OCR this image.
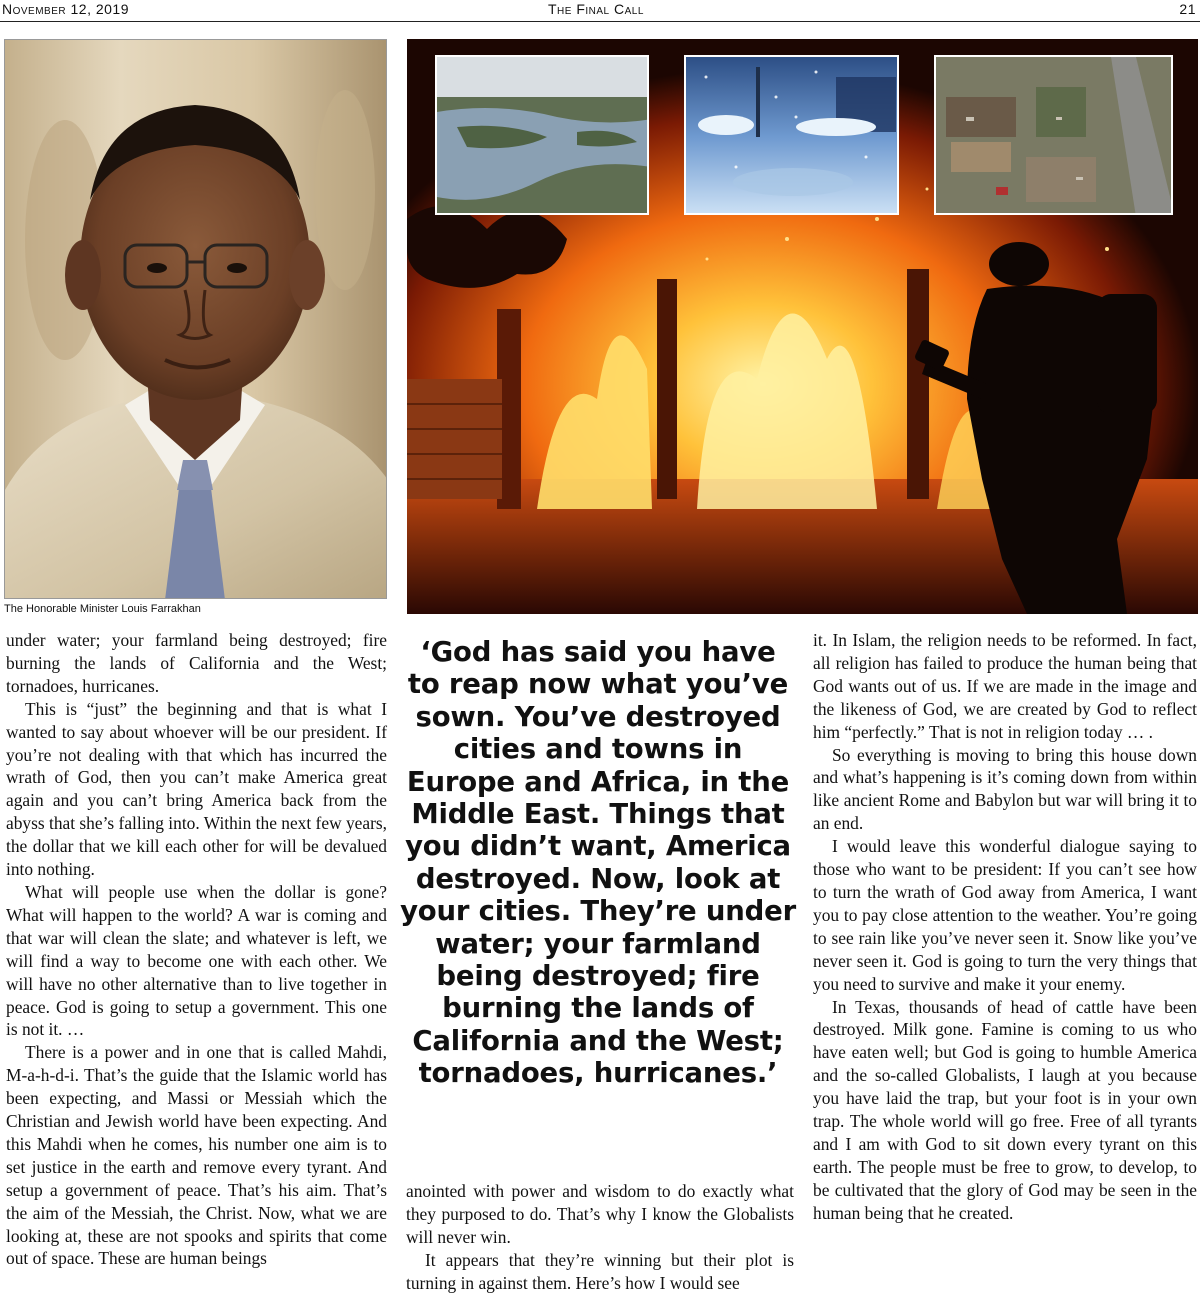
November 12, 2019	The Final Call	21
The Honorable Minister Louis Farrakhan

under water; your farmland being destroyed; fire burning the lands of California and the West; tornadoes, hurricanes.

This is “just” the beginning and that is what I wanted to say about whoever will be our president. If you’re not dealing with that which has incurred the wrath of God, then you can’t make America great again and you can’t bring America back from the abyss that she’s falling into. Within the next few years, the dollar that we kill each other for will be devalued into nothing.

What will people use when the dollar is gone? What will happen to the world? A war is coming and that war will clean the slate; and whatever is left, we will find a way to become one with each other. We will have no other alternative than to live together in peace. God is going to setup a government. This one is not it. …

There is a power and in one that is called Mahdi, M-a-h-d-i. That’s the guide that the Islamic world has been expecting, and Massi or Messiah which the Christian and Jewish world have been expecting. And this Mahdi when he comes, his number one aim is to set justice in the earth and remove every tyrant. And setup a government of peace. That’s his aim. That’s the aim of the Messiah, the Christ. Now, what we are looking at, these are not spooks and spirits that come out of space. These are human beings

‘God has said you have to reap now what you’ve sown. You’ve destroyed cities and towns in Europe and Africa, in the Middle East. Things that you didn’t want, America destroyed. Now, look at your cities. They’re under water; your farmland being destroyed; fire burning the lands of California and the West; tornadoes, hurricanes.’

anointed with power and wisdom to do exactly what they purposed to do. That’s why I know the Globalists will never win.

It appears that they’re winning but their plot is turning in against them. Here’s how I would see

it. In Islam, the religion needs to be reformed. In fact, all religion has failed to produce the human being that God wants out of us. If we are made in the image and the likeness of God, we are created by God to reflect him “perfectly.” That is not in religion today … .

So everything is moving to bring this house down and what’s happening is it’s coming down from within like ancient Rome and Babylon but war will bring it to an end.

I would leave this wonderful dialogue saying to those who want to be president: If you can’t see how to turn the wrath of God away from America, I want you to pay close attention to the weather. You’re going to see rain like you’ve never seen it. Snow like you’ve never seen it. God is going to turn the very things that you need to survive and make it your enemy.

In Texas, thousands of head of cattle have been destroyed. Milk gone. Famine is coming to us who have eaten well; but God is going to humble America and the so-called Globalists, I laugh at you because you have laid the trap, but your foot is in your own trap. The whole world will go free. Free of all tyrants and I am with God to sit down every tyrant on this earth. The people must be free to grow, to develop, to be cultivated that the glory of God may be seen in the human being that he created.
